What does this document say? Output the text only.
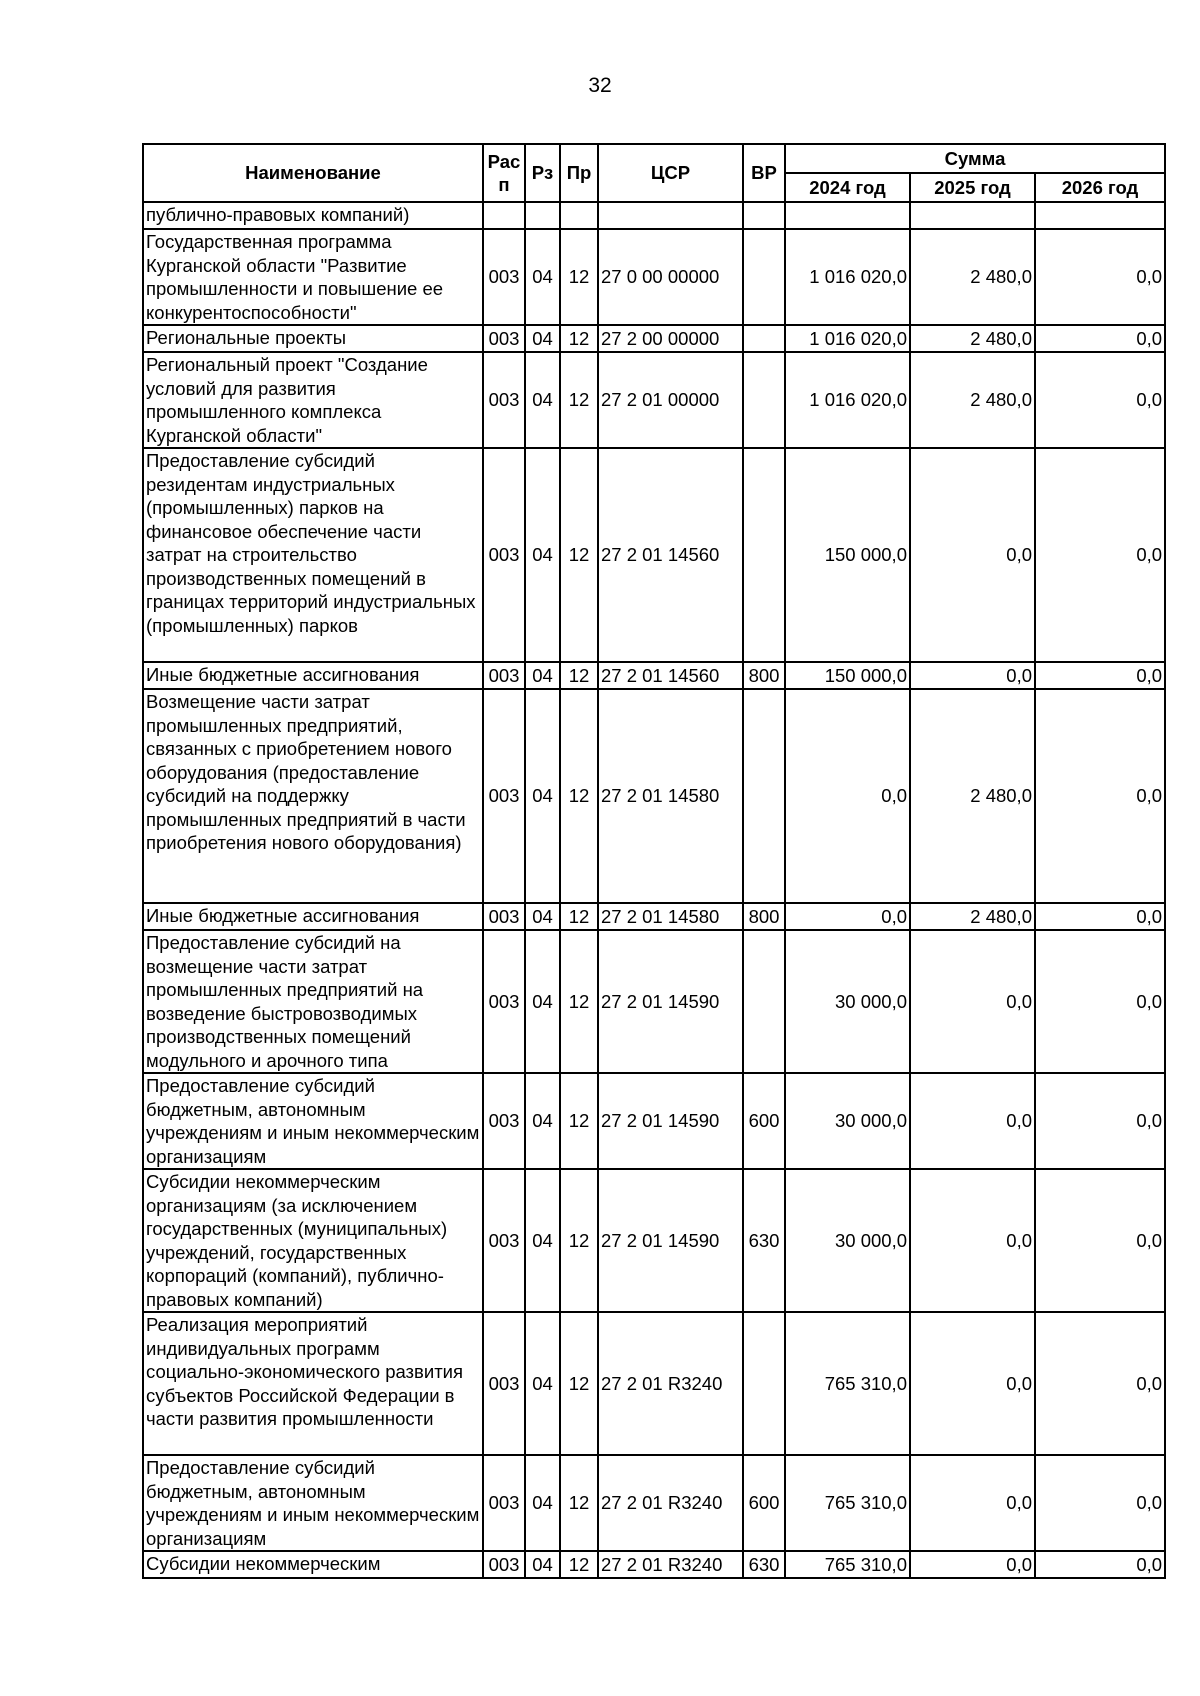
32
Наименование	Рас п	Рз	Пр	ЦСР	ВР	Сумма		
						2024 год	2025 год	2026 год
публично-правовых компаний)								
Государственная программа Курганской области "Развитие промышленности и повышение ее конкурентоспособности"	003	04	12	27 0 00 00000		1 016 020,0	2 480,0	0,0
Региональные проекты	003	04	12	27 2 00 00000		1 016 020,0	2 480,0	0,0
Региональный проект "Создание условий для развития промышленного комплекса Курганской области"	003	04	12	27 2 01 00000		1 016 020,0	2 480,0	0,0
Предоставление субсидий резидентам индустриальных (промышленных) парков на финансовое обеспечение части затрат на строительство производственных помещений в границах территорий индустриальных (промышленных) парков	003	04	12	27 2 01 14560		150 000,0	0,0	0,0
Иные бюджетные ассигнования	003	04	12	27 2 01 14560	800	150 000,0	0,0	0,0
Возмещение части затрат промышленных предприятий, связанных с приобретением нового оборудования (предоставление субсидий на поддержку промышленных предприятий в части приобретения нового оборудования)	003	04	12	27 2 01 14580		0,0	2 480,0	0,0
Иные бюджетные ассигнования	003	04	12	27 2 01 14580	800	0,0	2 480,0	0,0
Предоставление субсидий на возмещение части затрат промышленных предприятий на возведение быстровозводимых производственных помещений модульного и арочного типа	003	04	12	27 2 01 14590		30 000,0	0,0	0,0
Предоставление субсидий бюджетным, автономным учреждениям и иным некоммерческим организациям	003	04	12	27 2 01 14590	600	30 000,0	0,0	0,0
Субсидии некоммерческим организациям (за исключением государственных (муниципальных) учреждений, государственных корпораций (компаний), публично-правовых компаний)	003	04	12	27 2 01 14590	630	30 000,0	0,0	0,0
Реализация мероприятий индивидуальных программ социально-экономического развития субъектов Российской Федерации в части развития промышленности	003	04	12	27 2 01 R3240		765 310,0	0,0	0,0
Предоставление субсидий бюджетным, автономным учреждениям и иным некоммерческим организациям	003	04	12	27 2 01 R3240	600	765 310,0	0,0	0,0
Субсидии некоммерческим	003	04	12	27 2 01 R3240	630	765 310,0	0,0	0,0
